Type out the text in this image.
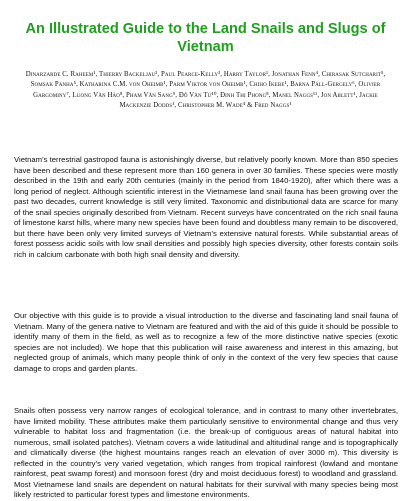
An Illustrated Guide to the Land Snails and Slugs of Vietnam
Dinarzarde C. Raheem¹, Thierry Backeljau², Paul Pearce-Kelly³, Harry Taylor¹, Jonathan Fenn⁴, Chirasak Sutcharit⁵, Somsak Panha⁵, Katharina C.M. von Oheimb¹, Parm Viktor von Oheimb¹, Chiho Ikebe¹, Barna Páll-Gergely⁶, Olivier Gargominy⁷, Luong Văn Hào⁸, Pham Văn Sang⁹, Đỗ Văn Tứ¹⁰, Đinh Thị Phong⁸, Manel Naggs¹¹, Jon Ablett¹, Jackie Mackenzie Dodds¹, Christopher M. Wade⁴ & Fred Naggs¹

Vietnam’s terrestrial gastropod fauna is astonishingly diverse, but relatively poorly known. More than 850 species have been described and these represent more than 160 genera in over 30 families. These species were mostly described in the 19th and early 20th centuries (mainly in the period from 1840-1920), after which there was a long period of neglect. Although scientific interest in the Vietnamese land snail fauna has been growing over the past two decades, current knowledge is still very limited. Taxonomic and distributional data are scarce for many of the snail species originally described from Vietnam. Recent surveys have concentrated on the rich snail fauna of limestone karst hills, where many new species have been found and doubtless many remain to be discovered, but there have been only very limited surveys of Vietnam’s extensive natural forests. While substantial areas of forest possess acidic soils with low snail densities and possibly high species diversity, other forests contain soils rich in calcium carbonate with both high snail density and diversity.

Our objective with this guide is to provide a visual introduction to the diverse and fascinating land snail fauna of Vietnam. Many of the genera native to Vietnam are featured and with the aid of this guide it should be possible to identify many of them in the field, as well as to recognize a few of the more distinctive native species (exotic species are not included). We hope that this publication will raise awareness and interest in this amazing, but neglected group of animals, which many people think of only in the context of the very few species that cause damage to crops and garden plants.

Snails often possess very narrow ranges of ecological tolerance, and in contrast to many other invertebrates, have limited mobility. These attributes make them particularly sensitive to environmental change and thus very vulnerable to habitat loss and fragmentation (i.e. the break-up of contiguous areas of natural habitat into numerous, small isolated patches). Vietnam covers a wide latitudinal and altitudinal range and is topographically and climatically diverse (the highest mountains ranges reach an elevation of over 3000 m). This diversity is reflected in the country’s very varied vegetation, which ranges from tropical rainforest (lowland and montane rainforest, peat swamp forest) and monsoon forest (dry and moist deciduous forest) to woodland and grassland. Most Vietnamese land snails are dependent on natural habitats for their survival with many species being most likely restricted to particular forest types and limestone environments.
